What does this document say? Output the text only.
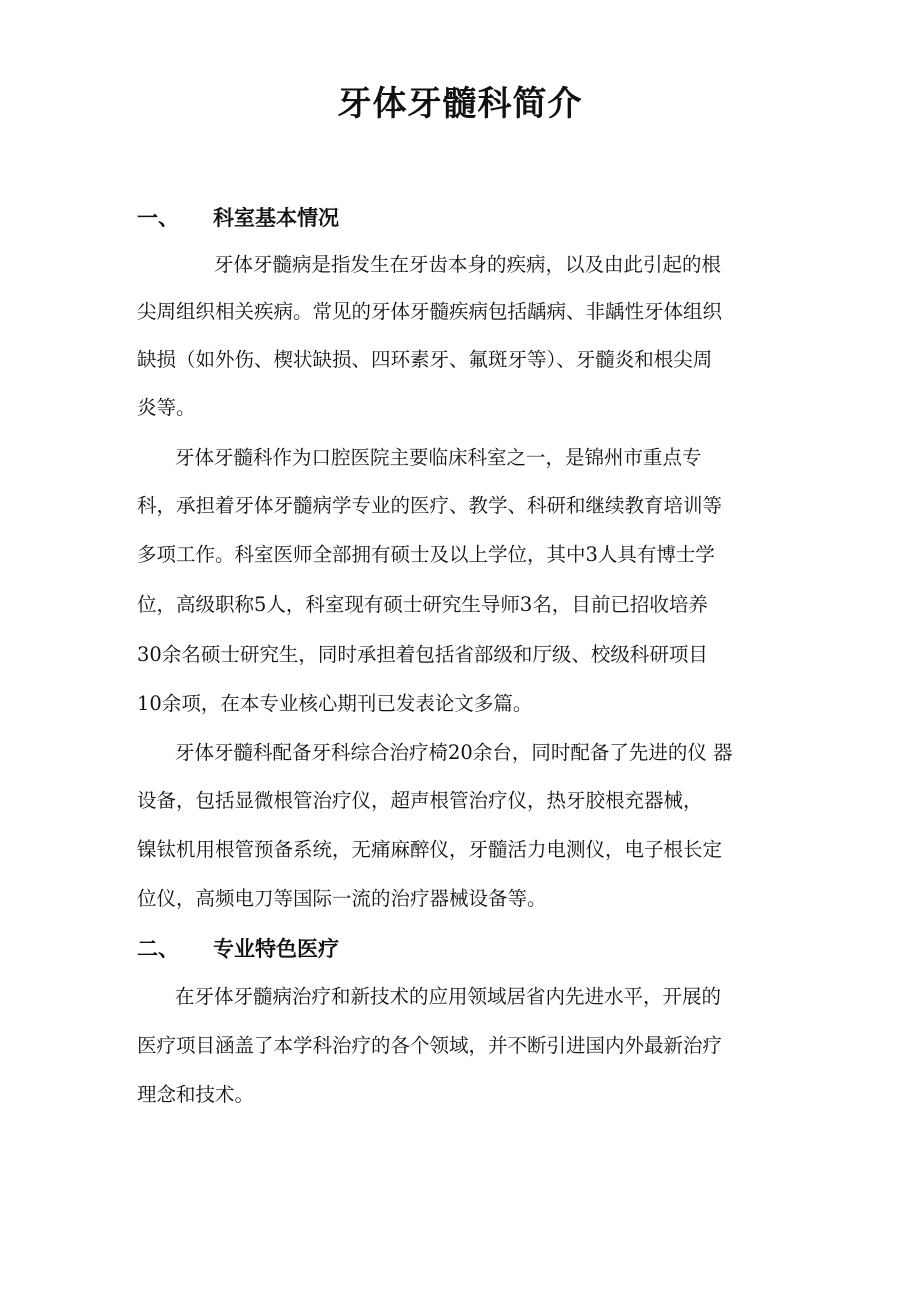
牙体牙髓科简介
一、 科室基本情况
牙体牙髓病是指发生在牙齿本身的疾病，以及由此引起的根
尖周组织相关疾病。常见的牙体牙髓疾病包括龋病、非龋性牙体组织
缺损（如外伤、楔状缺损、四环素牙、氟斑牙等）、牙髓炎和根尖周
炎等。
牙体牙髓科作为口腔医院主要临床科室之一，是锦州市重点专
科，承担着牙体牙髓病学专业的医疗、教学、科研和继续教育培训等
多项工作。科室医师全部拥有硕士及以上学位，其中3人具有博士学
位，高级职称5人，科室现有硕士研究生导师3名，目前已招收培养
30余名硕士研究生，同时承担着包括省部级和厅级、校级科研项目
10余项，在本专业核心期刊已发表论文多篇。
牙体牙髓科配备牙科综合治疗椅20余台，同时配备了先进的仪 器
设备，包括显微根管治疗仪，超声根管治疗仪，热牙胶根充器械，
镍钛机用根管预备系统，无痛麻醉仪，牙髓活力电测仪，电子根长定
位仪，高频电刀等国际一流的治疗器械设备等。
二、 专业特色医疗
在牙体牙髓病治疗和新技术的应用领域居省内先进水平，开展的
医疗项目涵盖了本学科治疗的各个领域，并不断引进国内外最新治疗
理念和技术。
